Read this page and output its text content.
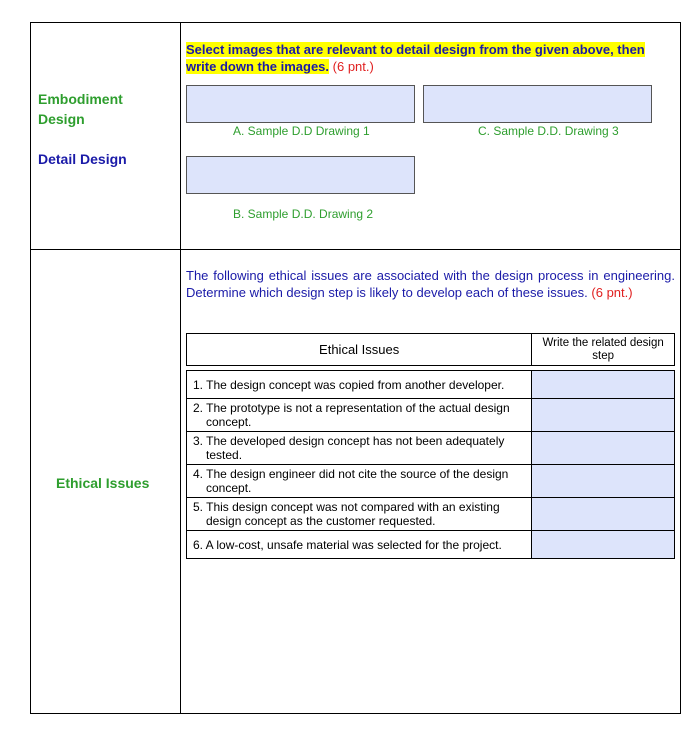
Embodiment Design
Detail Design
Select images that are relevant to detail design from the given above, then write down the images. (6 pnt.)
A. Sample D.D Drawing 1	C. Sample D.D. Drawing 3
B. Sample D.D. Drawing 2
Ethical Issues
The following ethical issues are associated with the design process in engineering. Determine which design step is likely to develop each of these issues. (6 pnt.)
Ethical Issues	Write the related design step

1. The design concept was copied from another developer.	

2. The prototype is not a representation of the actual design concept.	

3. The developed design concept has not been adequately tested.	

4. The design engineer did not cite the source of the design concept.	

5. This design concept was not compared with an existing design concept as the customer requested.	

6. A low-cost, unsafe material was selected for the project.	
